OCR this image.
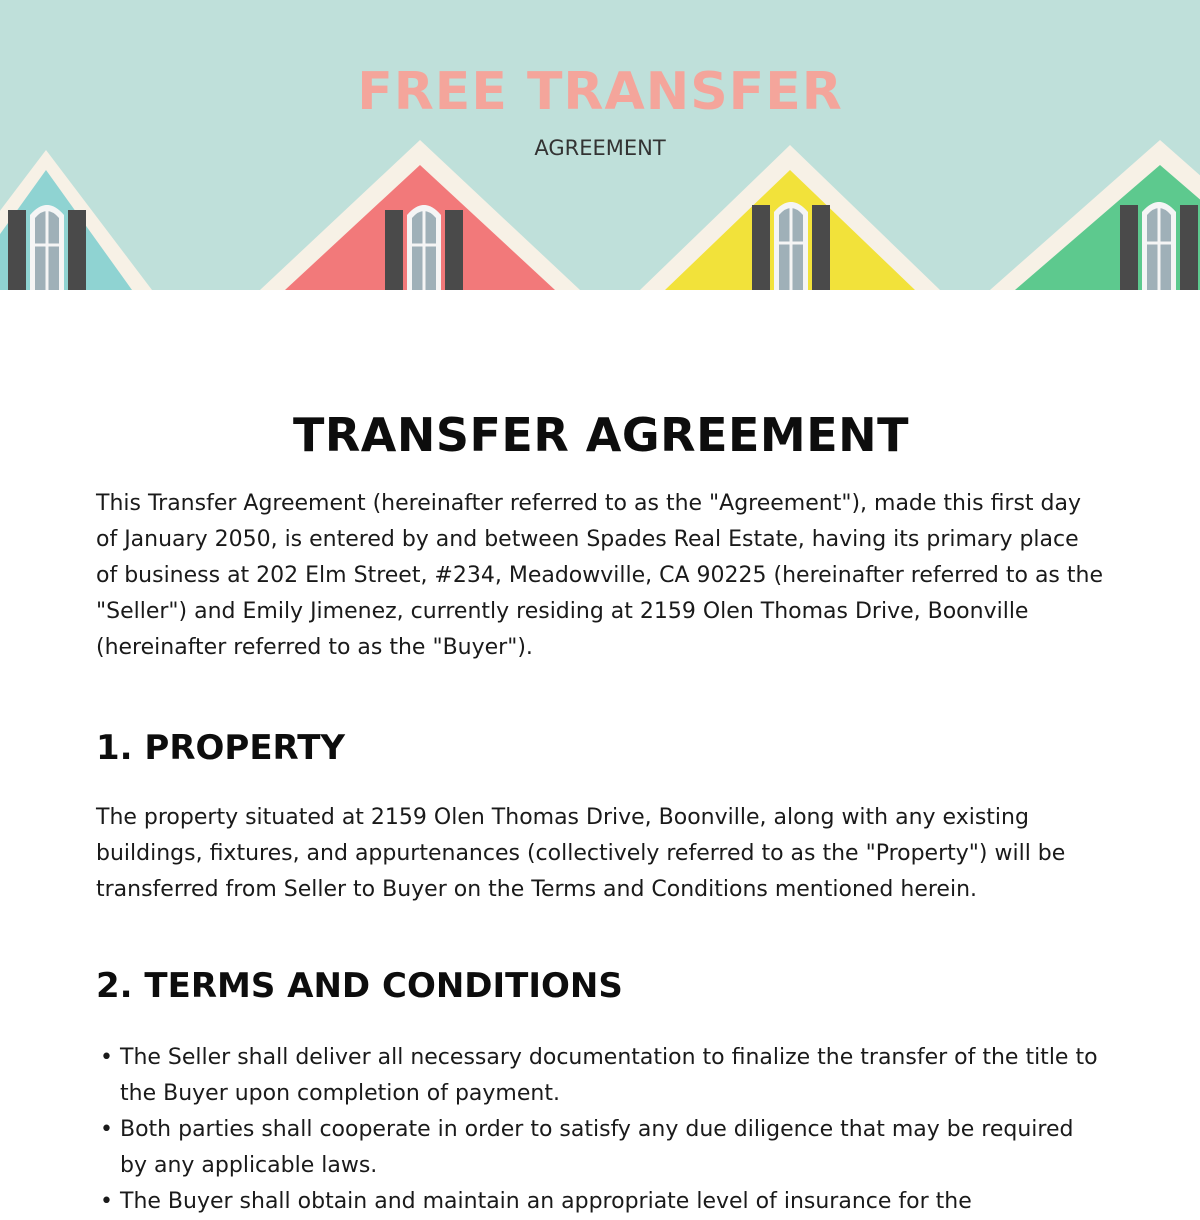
FREE TRANSFER
AGREEMENT
TRANSFER AGREEMENT

This Transfer Agreement (hereinafter referred to as the "Agreement"), made this first day of January 2050, is entered by and between Spades Real Estate, having its primary place of business at 202 Elm Street, #234, Meadowville, CA 90225 (hereinafter referred to as the "Seller") and Emily Jimenez, currently residing at 2159 Olen Thomas Drive, Boonville (hereinafter referred to as the "Buyer").

1. PROPERTY

The property situated at 2159 Olen Thomas Drive, Boonville, along with any existing buildings, fixtures, and appurtenances (collectively referred to as the "Property") will be transferred from Seller to Buyer on the Terms and Conditions mentioned herein.

2. TERMS AND CONDITIONS
• The Seller shall deliver all necessary documentation to finalize the transfer of the title to the Buyer upon completion of payment.
• Both parties shall cooperate in order to satisfy any due diligence that may be required by any applicable laws.
• The Buyer shall obtain and maintain an appropriate level of insurance for the
